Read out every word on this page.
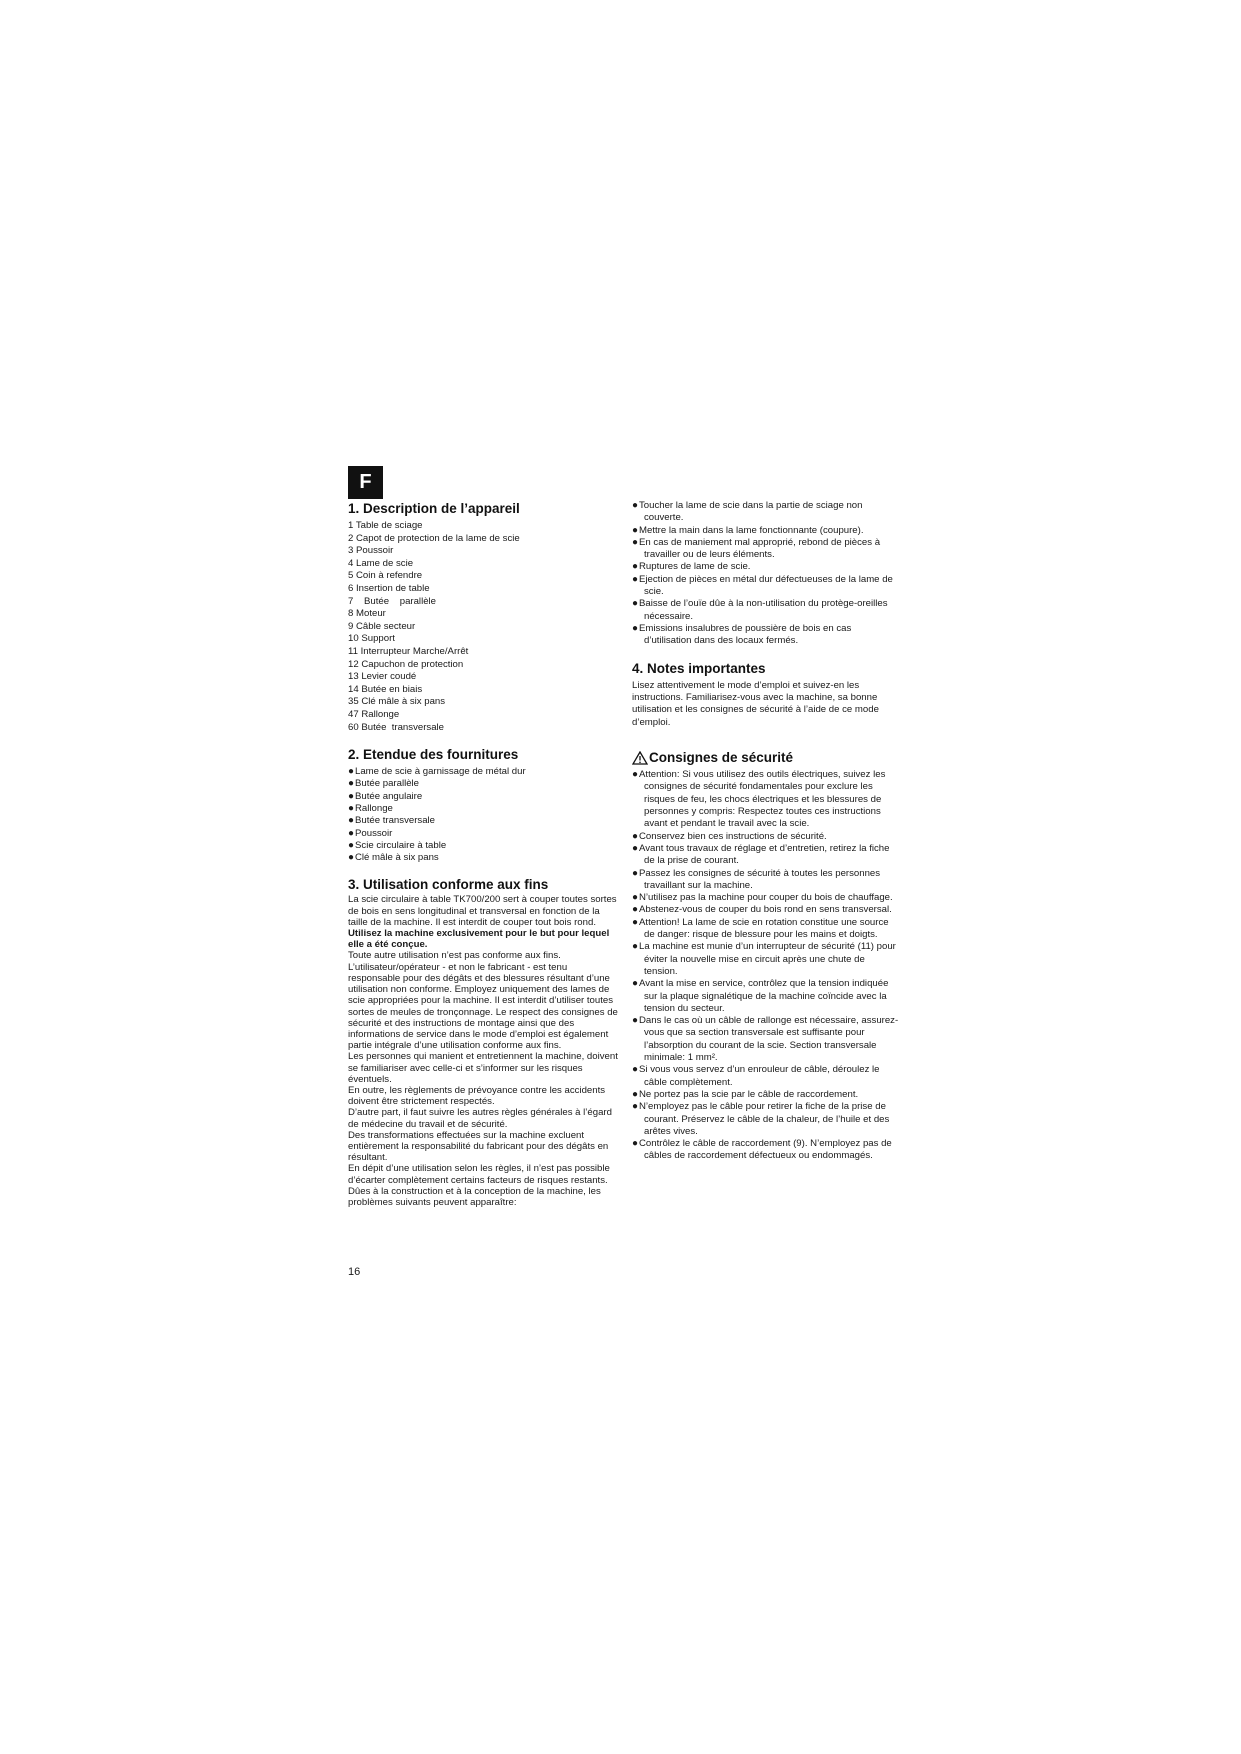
F
1. Description de l’appareil
1 Table de sciage
2 Capot de protection de la lame de scie
3 Poussoir
4 Lame de scie
5 Coin à refendre
6 Insertion de table
7    Butée    parallèle
8 Moteur
9 Câble secteur
10 Support
11 Interrupteur Marche/Arrêt
12 Capuchon de protection
13 Levier coudé
14 Butée en biais
35 Clé mâle à six pans
47 Rallonge
60 Butée  transversale
2. Etendue des fournitures
●Lame de scie à garnissage de métal dur
●Butée parallèle
●Butée angulaire
●Rallonge
●Butée transversale
●Poussoir
●Scie circulaire à table
●Clé mâle à six pans
3. Utilisation conforme aux fins

La scie circulaire à table TK700/200 sert à couper toutes sortes de bois en sens longitudinal et transversal en fonction de la taille de la machine. Il est interdit de couper tout bois rond. Utilisez la machine exclusivement pour le but pour lequel elle a été conçue.

Toute autre utilisation n’est pas conforme aux fins. L’utilisateur/opérateur - et non le fabricant - est tenu responsable pour des dégâts et des blessures résultant d’une utilisation non conforme. Employez uniquement des lames de scie appropriées pour la machine. Il est interdit d’utiliser toutes sortes de meules de tronçonnage. Le respect des consignes de sécurité et des instructions de montage ainsi que des informations de service dans le mode d’emploi est également partie intégrale d’une utilisation conforme aux fins.

Les personnes qui manient et entretiennent la machine, doivent se familiariser avec celle-ci et s’informer sur les risques éventuels.

En outre, les règlements de prévoyance contre les accidents doivent être strictement respectés.

D’autre part, il faut suivre les autres règles générales à l’égard de médecine du travail et de sécurité.

Des transformations effectuées sur la machine excluent entièrement la responsabilité du fabricant pour des dégâts en résultant.

En dépit d’une utilisation selon les règles, il n’est pas possible d’écarter complètement certains facteurs de risques restants. Dûes à la construction et à la conception de la machine, les problèmes suivants peuvent apparaître:

●Toucher la lame de scie dans la partie de sciage non couverte.
●Mettre la main dans la lame fonctionnante (coupure).
●En cas de maniement mal approprié, rebond de pièces à travailler ou de leurs éléments.
●Ruptures de lame de scie.
●Ejection de pièces en métal dur défectueuses de la lame de scie.
●Baisse de l’ouïe dûe à la non-utilisation du protège-oreilles nécessaire.
●Emissions insalubres de poussière de bois en cas d’utilisation dans des locaux fermés.
4. Notes importantes

Lisez attentivement le mode d’emploi et suivez-en les instructions. Familiarisez-vous avec la machine, sa bonne utilisation et les consignes de sécurité à l’aide de ce mode d’emploi.

Consignes de sécurité
●Attention: Si vous utilisez des outils électriques, suivez les consignes de sécurité fondamentales pour exclure les risques de feu, les chocs électriques et les blessures de personnes y compris: Respectez toutes ces instructions avant et pendant le travail avec la scie.
●Conservez bien ces instructions de sécurité.
●Avant tous travaux de réglage et d’entretien, retirez la fiche de la prise de courant.
●Passez les consignes de sécurité à toutes les personnes travaillant sur la machine.
●N’utilisez pas la machine pour couper du bois de chauffage.
●Abstenez-vous de couper du bois rond en sens transversal.
●Attention! La lame de scie en rotation constitue une source de danger: risque de blessure pour les mains et doigts.
●La machine est munie d’un interrupteur de sécurité (11) pour éviter la nouvelle mise en circuit après une chute de tension.
●Avant la mise en service, contrôlez que la tension indiquée sur la plaque signalétique de la machine coïncide avec la tension du secteur.
●Dans le cas où un câble de rallonge est nécessaire, assurez-vous que sa section transversale est suffisante pour l’absorption du courant de la scie. Section transversale minimale: 1 mm².
●Si vous vous servez d’un enrouleur de câble, déroulez le câble complètement.
●Ne portez pas la scie par le câble de raccordement.
●N’employez pas le câble pour retirer la fiche de la prise de courant. Préservez le câble de la chaleur, de l’huile et des arêtes vives.
●Contrôlez le câble de raccordement (9). N’employez pas de câbles de raccordement défectueux ou endommagés.
16
